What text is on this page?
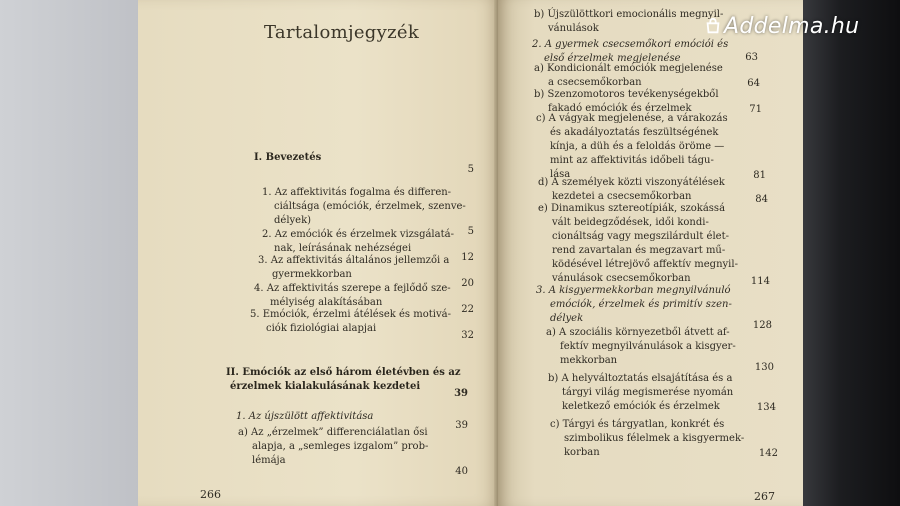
Tartalomjegyzék
I. Bevezetés
5
1. Az affektivitás fogalma és differen-
ciáltsága (emóciók, érzelmek, szenve-
délyek)
5
2. Az emóciók és érzelmek vizsgálatá-
nak, leírásának nehézségei
12
3. Az affektivitás általános jellemzői a
gyermekkorban
20
4. Az affektivitás szerepe a fejlődő sze-
mélyiség alakításában
22
5. Emóciók, érzelmi átélések és motivá-
ciók fiziológiai alapjai
32
II. Emóciók az első három életévben és az
érzelmek kialakulásának kezdetei
39
1. Az újszülött affektivitása
39
a) Az „érzelmek” differenciálatlan ősi
alapja, a „semleges izgalom” prob-
lémája
40
266
b) Újszülöttkori emocionális megnyil-
vánulások
2. A gyermek csecsemőkori emóciói és
első érzelmek megjelenése	63
a) Kondicionált emóciók megjelenése
a csecsemőkorban	64
b) Szenzomotoros tevékenységekből
fakadó emóciók és érzelmek	71
c) A vágyak megjelenése, a várakozás
és akadályoztatás feszültségének
kínja, a düh és a feloldás öröme —
mint az affektivitás időbeli tágu-
lása	81
d) A személyek közti viszonyátélések
kezdetei a csecsemőkorban	84
e) Dinamikus sztereotípiák, szokássá
vált beidegződések, idői kondi-
cionáltság vagy megszilárdult élet-
rend zavartalan és megzavart mű-
ködésével létrejövő affektív megnyil-
vánulások csecsemőkorban	114
3. A kisgyermekkorban megnyilvánuló
emóciók, érzelmek és primitív szen-
délyek
128
a) A szociális környezetből átvett af-
fektív megnyilvánulások a kisgyer-
mekkorban
130
b) A helyváltoztatás elsajátítása és a
tárgyi világ megismerése nyomán
keletkező emóciók és érzelmek	134
c) Tárgyi és tárgyatlan, konkrét és
szimbolikus félelmek a kisgyermek-
korban	142
267
Addelma.hu
